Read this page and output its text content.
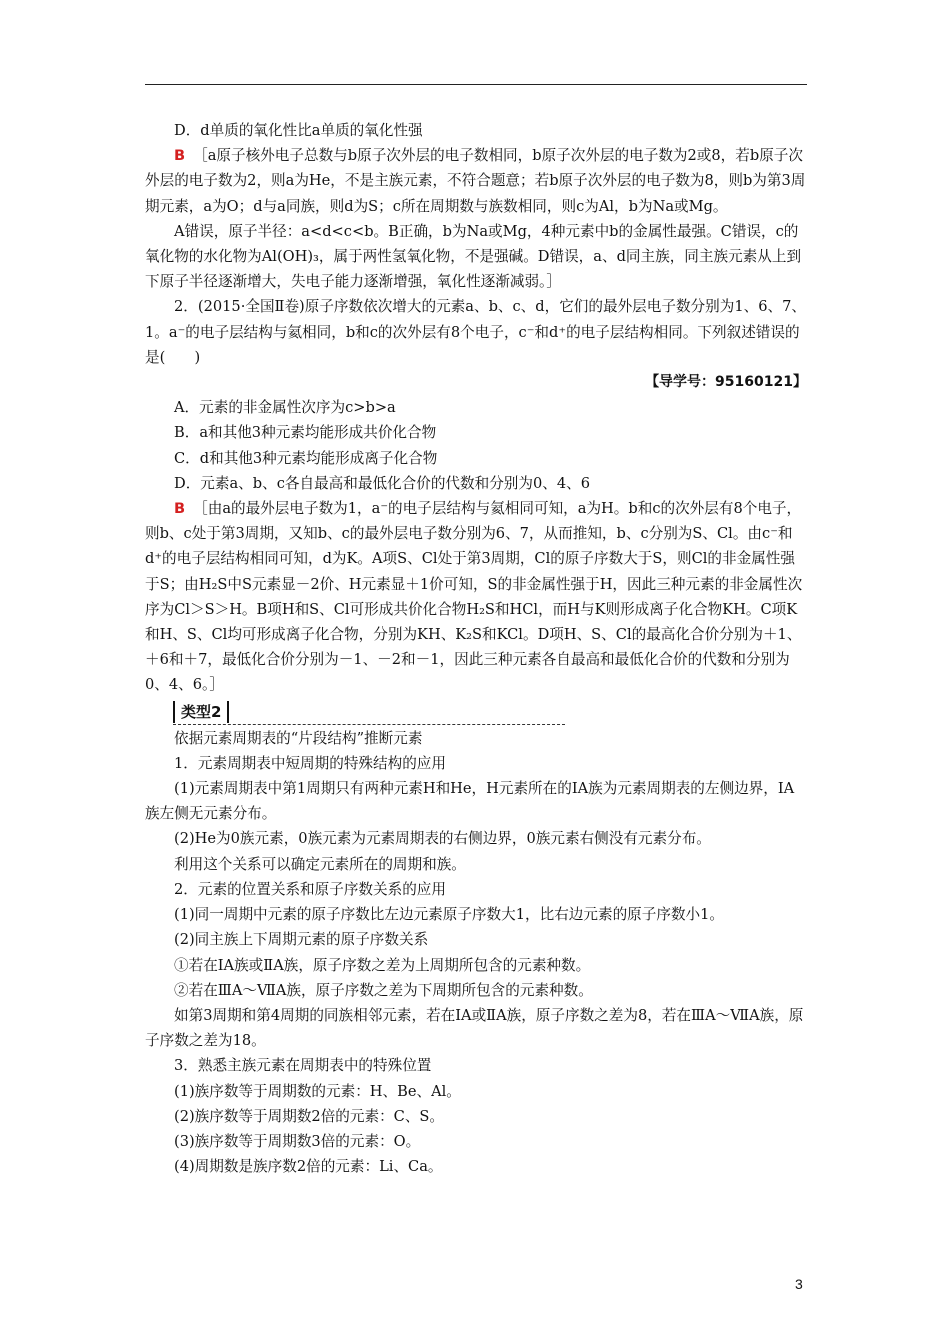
D．d单质的氧化性比a单质的氧化性强

B ［a原子核外电子总数与b原子次外层的电子数相同，b原子次外层的电子数为2或8，若b原子次外层的电子数为2，则a为He，不是主族元素，不符合题意；若b原子次外层的电子数为8，则b为第3周期元素，a为O；d与a同族，则d为S；c所在周期数与族数相同，则c为Al，b为Na或Mg。

A错误，原子半径：a<d<c<b。B正确，b为Na或Mg，4种元素中b的金属性最强。C错误，c的氧化物的水化物为Al(OH)₃，属于两性氢氧化物，不是强碱。D错误，a、d同主族，同主族元素从上到下原子半径逐渐增大，失电子能力逐渐增强，氧化性逐渐减弱。］

2．(2015·全国Ⅱ卷)原子序数依次增大的元素a、b、c、d，它们的最外层电子数分别为1、6、7、1。a⁻的电子层结构与氦相同，b和c的次外层有8个电子，c⁻和d⁺的电子层结构相同。下列叙述错误的是(　　)

【导学号：95160121】

A．元素的非金属性次序为c>b>a

B．a和其他3种元素均能形成共价化合物

C．d和其他3种元素均能形成离子化合物

D．元素a、b、c各自最高和最低化合价的代数和分别为0、4、6

B ［由a的最外层电子数为1，a⁻的电子层结构与氦相同可知，a为H。b和c的次外层有8个电子，则b、c处于第3周期，又知b、c的最外层电子数分别为6、7，从而推知，b、c分别为S、Cl。由c⁻和d⁺的电子层结构相同可知，d为K。A项S、Cl处于第3周期，Cl的原子序数大于S，则Cl的非金属性强于S；由H₂S中S元素显－2价、H元素显＋1价可知，S的非金属性强于H，因此三种元素的非金属性次序为Cl＞S＞H。B项H和S、Cl可形成共价化合物H₂S和HCl，而H与K则形成离子化合物KH。C项K和H、S、Cl均可形成离子化合物，分别为KH、K₂S和KCl。D项H、S、Cl的最高化合价分别为＋1、＋6和＋7，最低化合价分别为－1、－2和－1，因此三种元素各自最高和最低化合价的代数和分别为0、4、6。］

类型2

依据元素周期表的“片段结构”推断元素

1．元素周期表中短周期的特殊结构的应用

(1)元素周期表中第1周期只有两种元素H和He，H元素所在的ⅠA族为元素周期表的左侧边界，ⅠA族左侧无元素分布。

(2)He为0族元素，0族元素为元素周期表的右侧边界，0族元素右侧没有元素分布。

利用这个关系可以确定元素所在的周期和族。

2．元素的位置关系和原子序数关系的应用

(1)同一周期中元素的原子序数比左边元素原子序数大1，比右边元素的原子序数小1。

(2)同主族上下周期元素的原子序数关系

①若在ⅠA族或ⅡA族，原子序数之差为上周期所包含的元素种数。

②若在ⅢA～ⅦA族，原子序数之差为下周期所包含的元素种数。

如第3周期和第4周期的同族相邻元素，若在ⅠA或ⅡA族，原子序数之差为8，若在ⅢA～ⅦA族，原子序数之差为18。

3．熟悉主族元素在周期表中的特殊位置

(1)族序数等于周期数的元素：H、Be、Al。

(2)族序数等于周期数2倍的元素：C、S。

(3)族序数等于周期数3倍的元素：O。

(4)周期数是族序数2倍的元素：Li、Ca。

3
